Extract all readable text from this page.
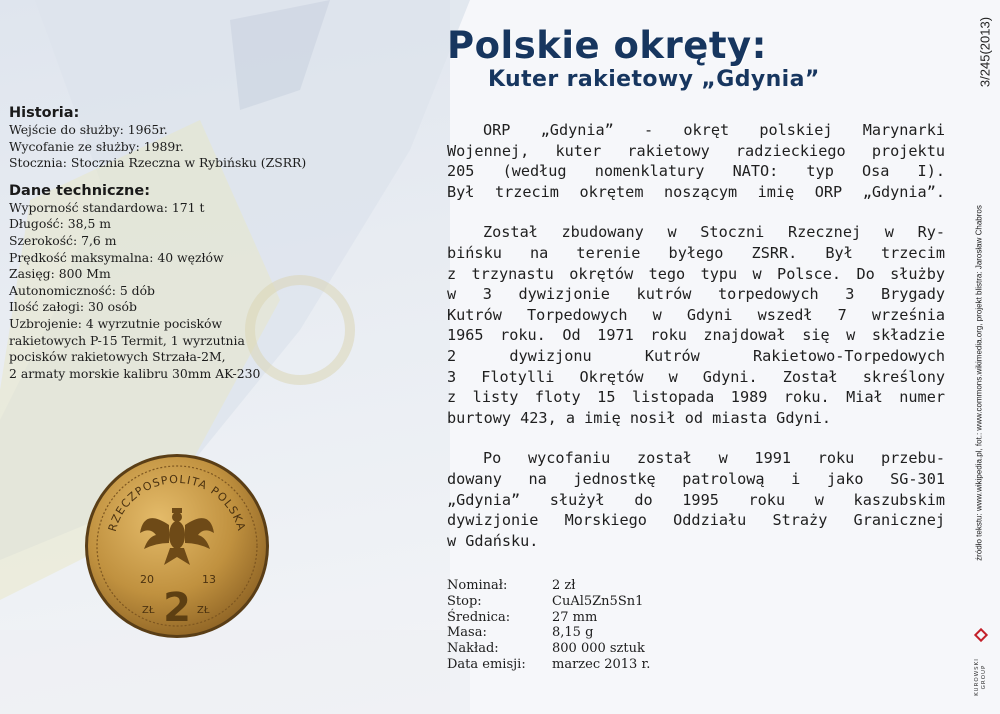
Polskie okręty:
Kuter rakietowy „Gdynia”	3/245(2013)
źródło tekstu: www.wikipedia.pl, fot.: www.commons.wikimedia.org, projekt blistra: Jarosław Chabros
KUROWSKI GROUP
Historia:
Wejście do służby: 1965r.
Wycofanie ze służby: 1989r.
Stocznia: Stocznia Rzeczna w Rybińsku (ZSRR)
Dane techniczne:
Wyporność standardowa: 171 t
Długość: 38,5 m
Szerokość: 7,6 m
Prędkość maksymalna: 40 węzłów
Zasięg: 800 Mm
Autonomiczność: 5 dób
Ilość załogi: 30 osób
Uzbrojenie: 4 wyrzutnie pocisków
rakietowych P-15 Termit, 1 wyrzutnia
pocisków rakietowych Strzała-2M,
2 armaty morskie kalibru 30mm AK-230
ORP „Gdynia” - okręt polskiej Marynarki
Wojennej, kuter rakietowy radzieckiego projektu
205 (według nomenklatury NATO: typ Osa I).
Był trzecim okrętem noszącym imię ORP „Gdynia”.
Został zbudowany w Stoczni Rzecznej w Ry-
bińsku na terenie byłego ZSRR. Był trzecim
z trzynastu okrętów tego typu w Polsce. Do służby
w 3 dywizjonie kutrów torpedowych 3 Brygady
Kutrów Torpedowych w Gdyni wszedł 7 września
1965 roku. Od 1971 roku znajdował się w składzie
2 dywizjonu Kutrów Rakietowo-Torpedowych
3 Flotylli Okrętów w Gdyni. Został skreślony
z listy floty 15 listopada 1989 roku. Miał numer
burtowy 423, a imię nosił od miasta Gdyni.
Po wycofaniu został w 1991 roku przebu-
dowany na jednostkę patrolową i jako SG-301
„Gdynia” służył do 1995 roku w kaszubskim
dywizjonie Morskiego Oddziału Straży Granicznej
w Gdańsku.
RZECZPOSPOLITA POLSKA
20	13
2
ZŁ	ZŁ
Nominał:	2 zł
Stop:	CuAl5Zn5Sn1
Średnica:	27 mm
Masa:	8,15 g
Nakład:	800 000 sztuk
Data emisji:	marzec 2013 r.
